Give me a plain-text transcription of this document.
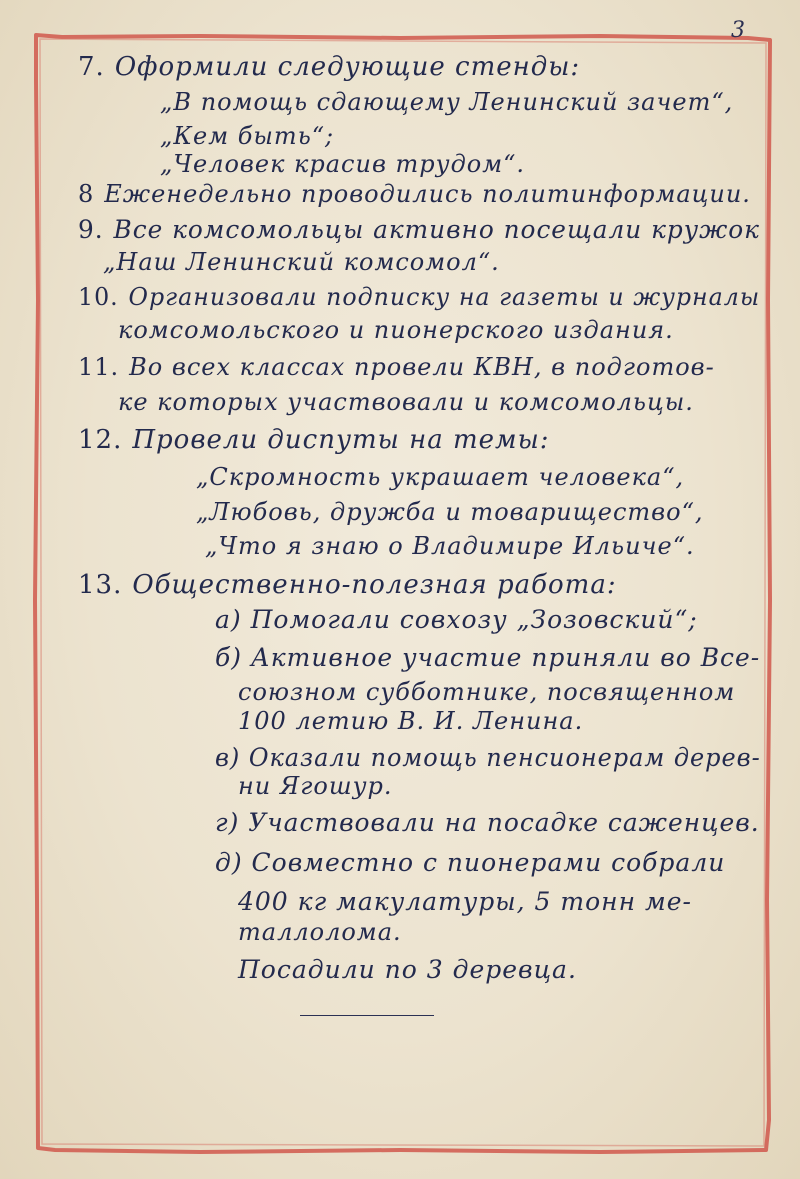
3
7. Оформили следующие стенды:
„В помощь сдающему Ленинский зачет“,
„Кем быть“;
„Человек красив трудом“.
8 Еженедельно проводились политинформации.
9. Все комсомольцы активно посещали кружок
„Наш Ленинский комсомол“.
10. Организовали подписку на газеты и журналы
комсомольского и пионерского издания.
11. Во всех классах провели КВН, в подготов-
ке которых участвовали и комсомольцы.
12. Провели диспуты на темы:
„Скромность украшает человека“,
„Любовь, дружба и товарищество“,
„Что я знаю о Владимире Ильиче“.
13. Общественно-полезная работа:
а) Помогали совхозу „Зозовский“;
б) Активное участие приняли во Все-
союзном субботнике, посвященном
100 летию В. И. Ленина.
в) Оказали помощь пенсионерам дерев-
ни Ягошур.
г) Участвовали на посадке саженцев.
д) Совместно с пионерами собрали
400 кг макулатуры, 5 тонн ме-
таллолома.
Посадили по 3 деревца.
